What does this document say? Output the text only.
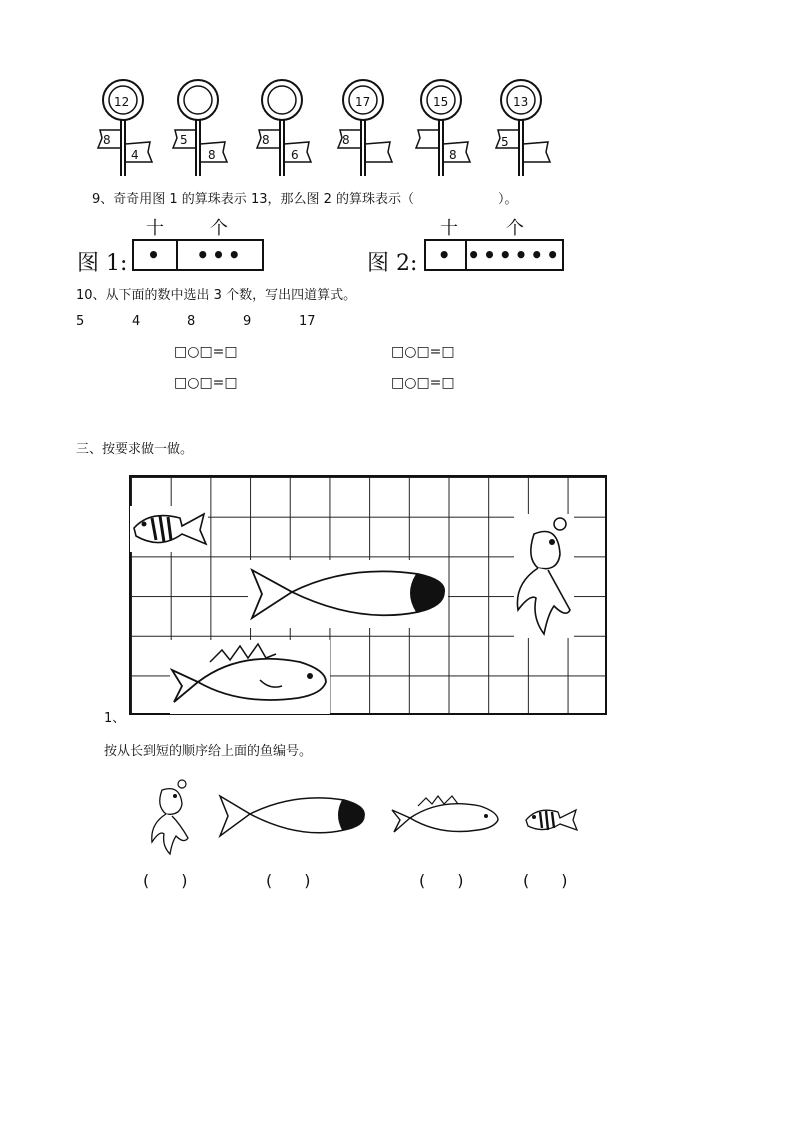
12
8
4
5
8
8
6
17
8
15
8
13
5
9、奇奇用图 1 的算珠表示 13，那么图 2 的算珠表示（	）。
十	个
图 1: •	•••
十	个
图 2:	• ••••••
10、从下面的数中选出 3 个数，写出四道算式。
5	4	8	9	17
□○□=□	□○□=□
□○□=□	□○□=□
三、按要求做一做。
1、
按从长到短的顺序给上面的鱼编号。
(　　)	(　　)	(　　)	(　　)
